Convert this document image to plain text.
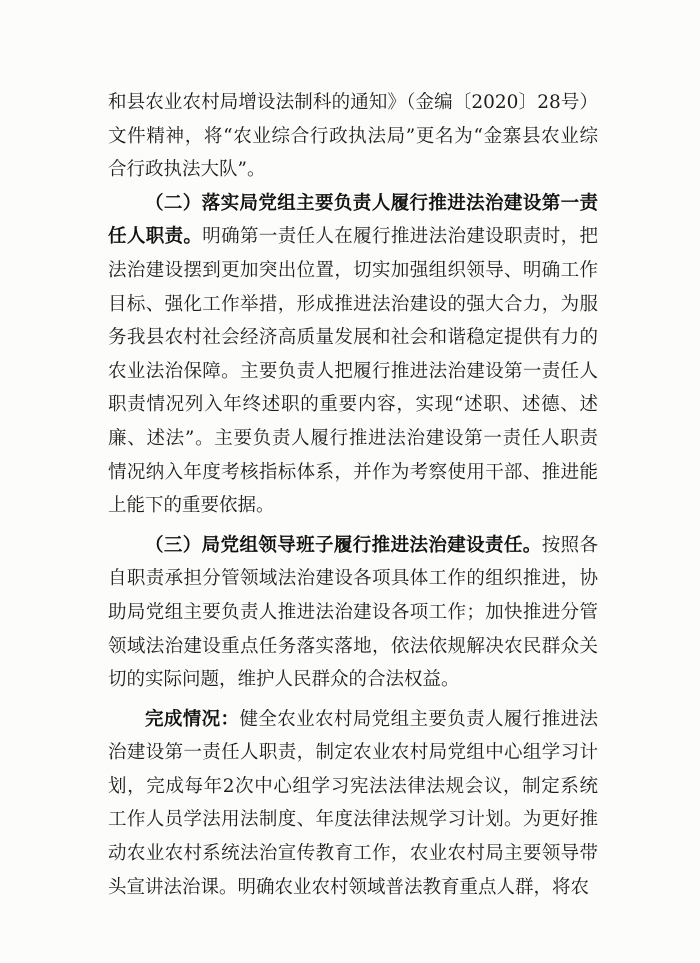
和县农业农村局增设法制科的通知》（金编〔2020〕28号）文件精神，将“农业综合行政执法局”更名为“金寨县农业综合行政执法大队”。

（二）落实局党组主要负责人履行推进法治建设第一责任人职责。明确第一责任人在履行推进法治建设职责时，把法治建设摆到更加突出位置，切实加强组织领导、明确工作目标、强化工作举措，形成推进法治建设的强大合力，为服务我县农村社会经济高质量发展和社会和谐稳定提供有力的农业法治保障。主要负责人把履行推进法治建设第一责任人职责情况列入年终述职的重要内容，实现“述职、述德、述廉、述法”。主要负责人履行推进法治建设第一责任人职责情况纳入年度考核指标体系，并作为考察使用干部、推进能上能下的重要依据。

（三）局党组领导班子履行推进法治建设责任。按照各自职责承担分管领域法治建设各项具体工作的组织推进，协助局党组主要负责人推进法治建设各项工作；加快推进分管领域法治建设重点任务落实落地，依法依规解决农民群众关切的实际问题，维护人民群众的合法权益。

完成情况：健全农业农村局党组主要负责人履行推进法治建设第一责任人职责，制定农业农村局党组中心组学习计划，完成每年2次中心组学习宪法法律法规会议，制定系统工作人员学法用法制度、年度法律法规学习计划。为更好推动农业农村系统法治宣传教育工作，农业农村局主要领导带头宣讲法治课。明确农业农村领域普法教育重点人群，将农
